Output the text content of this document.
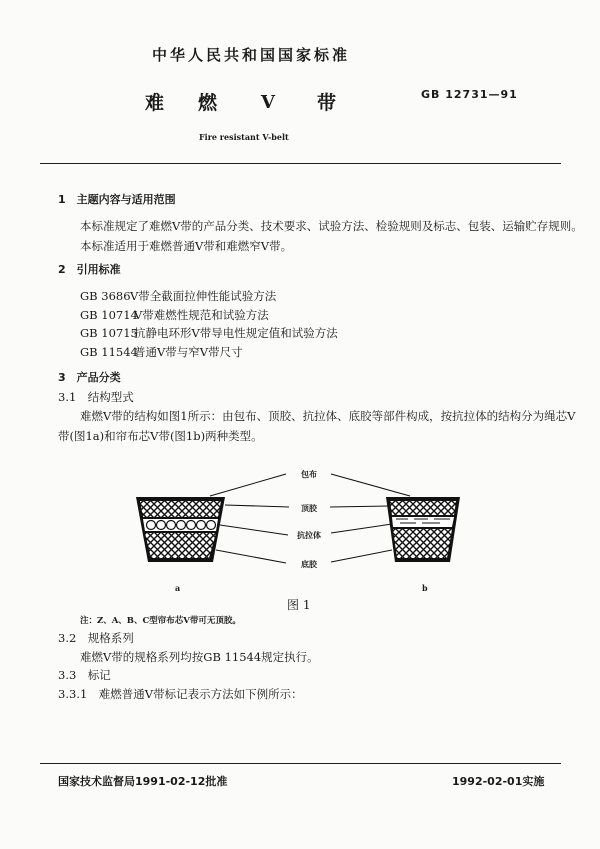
中华人民共和国国家标准
难 燃 V 带
Fire resistant V-belt
GB 12731—91
1　主题内容与适用范围
本标准规定了难燃V带的产品分类、技术要求、试验方法、检验规则及标志、包装、运输贮存规则。
本标准适用于难燃普通V带和难燃窄V带。
2　引用标准
GB 3686 V带全截面拉伸性能试验方法
GB 10714
V带难燃性规范和试验方法
GB 10715
抗静电环形V带导电性规定值和试验方法
GB 11544
普通V带与窄V带尺寸
3　产品分类
3.1　结构型式
难燃V带的结构如图1所示：由包布、顶胶、抗拉体、底胶等部件构成，按抗拉体的结构分为绳芯V
带(图1a)和帘布芯V带(图1b)两种类型。
包布
顶胶
抗拉体
底胶
a	b
图 1
注：Z、A、B、C型帘布芯V带可无顶胶。
3.2　规格系列
难燃V带的规格系列均按GB 11544规定执行。
3.3　标记
3.3.1　难燃普通V带标记表示方法如下例所示：
国家技术监督局1991-02-12批准	1992-02-01实施
